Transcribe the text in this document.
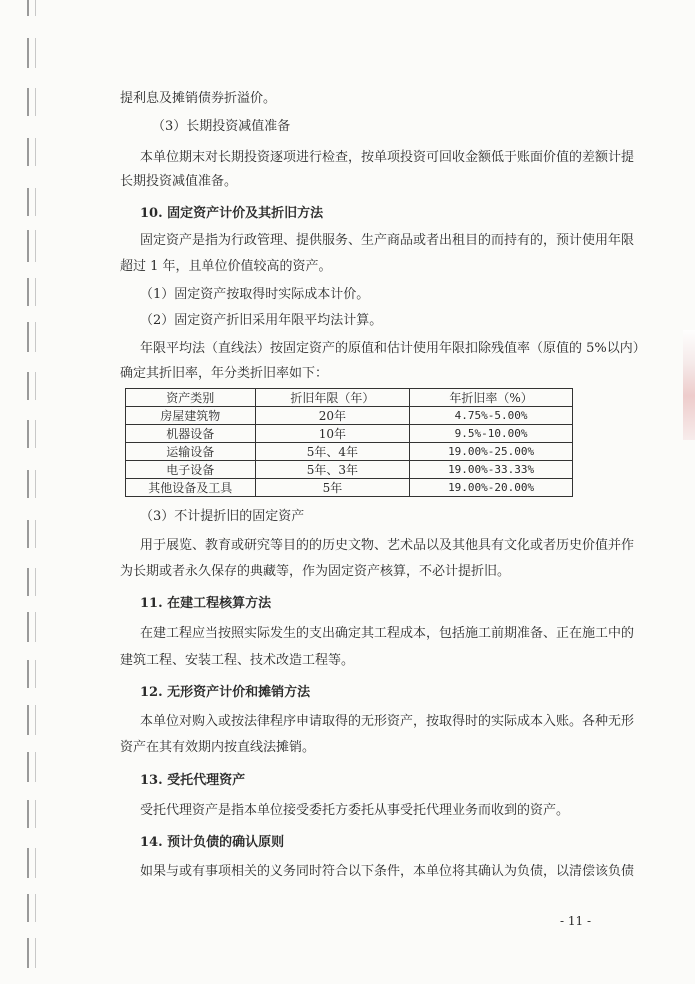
提利息及摊销债券折溢价。
（3）长期投资减值准备
本单位期末对长期投资逐项进行检查，按单项投资可回收金额低于账面价值的差额计提
长期投资减值准备。
10. 固定资产计价及其折旧方法
固定资产是指为行政管理、提供服务、生产商品或者出租目的而持有的，预计使用年限
超过 1 年，且单位价值较高的资产。
（1）固定资产按取得时实际成本计价。
（2）固定资产折旧采用年限平均法计算。
年限平均法（直线法）按固定资产的原值和估计使用年限扣除残值率（原值的 5%以内）
确定其折旧率，年分类折旧率如下：
资产类别	折旧年限（年）	年折旧率（%）
房屋建筑物	20年	4.75%-5.00%
机器设备	10年	9.5%-10.00%
运输设备	5年、4年	19.00%-25.00%
电子设备	5年、3年	19.00%-33.33%
其他设备及工具	5年	19.00%-20.00%
（3）不计提折旧的固定资产
用于展览、教育或研究等目的的历史文物、艺术品以及其他具有文化或者历史价值并作
为长期或者永久保存的典藏等，作为固定资产核算，不必计提折旧。
11. 在建工程核算方法
在建工程应当按照实际发生的支出确定其工程成本，包括施工前期准备、正在施工中的
建筑工程、安装工程、技术改造工程等。
12. 无形资产计价和摊销方法
本单位对购入或按法律程序申请取得的无形资产，按取得时的实际成本入账。各种无形
资产在其有效期内按直线法摊销。
13. 受托代理资产
受托代理资产是指本单位接受委托方委托从事受托代理业务而收到的资产。
14. 预计负债的确认原则
如果与或有事项相关的义务同时符合以下条件，本单位将其确认为负债，以清偿该负债
- 11 -
